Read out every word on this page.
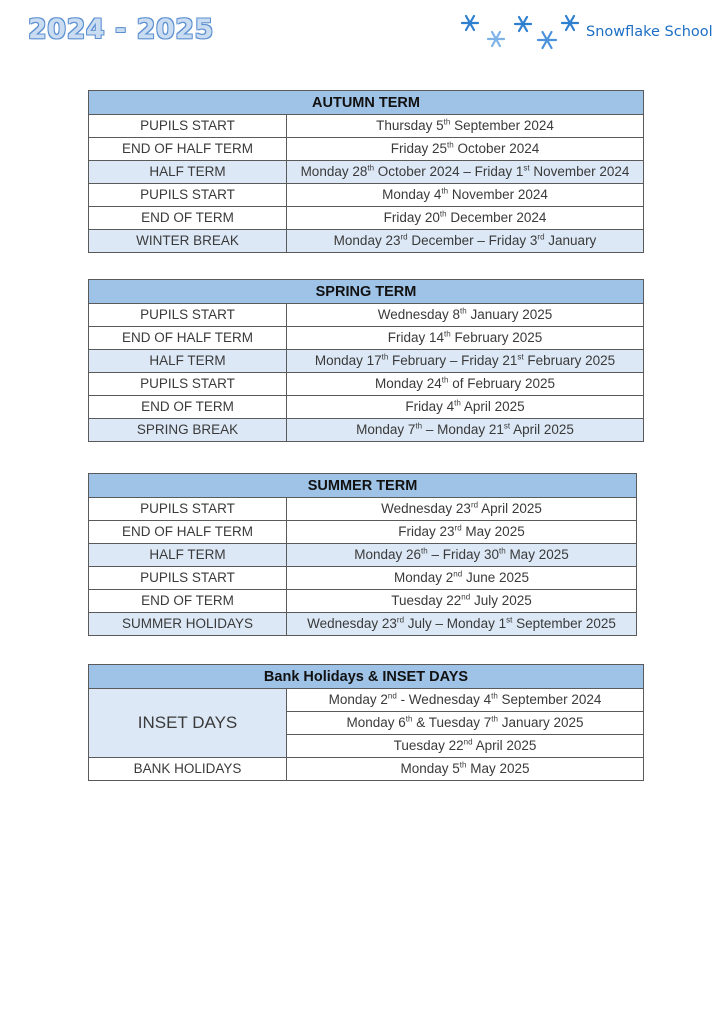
2024 - 2025	Snowflake School
AUTUMN TERM	
PUPILS START	Thursday 5th September 2024
END OF HALF TERM	Friday 25th October 2024
HALF TERM	Monday 28th October 2024 – Friday 1st November 2024
PUPILS START	Monday 4th November 2024
END OF TERM	Friday 20th December 2024
WINTER BREAK	Monday 23rd December – Friday 3rd January
SPRING TERM	
PUPILS START	Wednesday 8th January 2025
END OF HALF TERM	Friday 14th February 2025
HALF TERM	Monday 17th February – Friday 21st February 2025
PUPILS START	Monday 24th of February 2025
END OF TERM	Friday 4th April 2025
SPRING BREAK	Monday 7th – Monday 21st April 2025
SUMMER TERM	
PUPILS START	Wednesday 23rd April 2025
END OF HALF TERM	Friday 23rd May 2025
HALF TERM	Monday 26th – Friday 30th May 2025
PUPILS START	Monday 2nd June 2025
END OF TERM	Tuesday 22nd July 2025
SUMMER HOLIDAYS	Wednesday 23rd July – Monday 1st September 2025
Bank Holidays & INSET DAYS	
INSET DAYS	Monday 2nd - Wednesday 4th September 2024
	Monday 6th & Tuesday 7th January 2025
	Tuesday 22nd April 2025
BANK HOLIDAYS	Monday 5th May 2025
